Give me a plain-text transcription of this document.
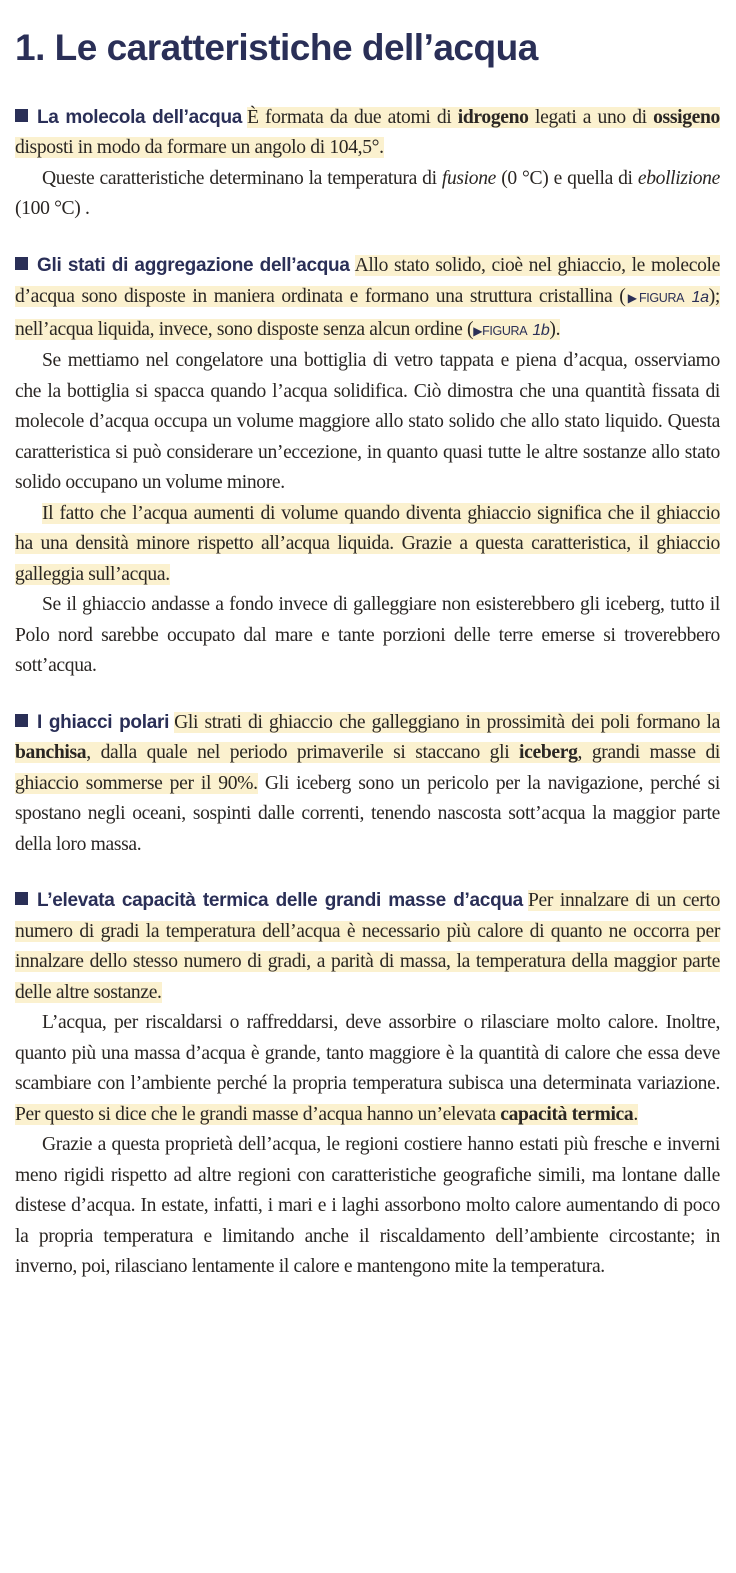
1. Le caratteristiche dell’acqua

La molecola dell’acqua È formata da due atomi di idrogeno legati a uno di ossigeno disposti in modo da formare un angolo di 104,5°.

Queste caratteristiche determinano la temperatura di fusione (0 °C) e quella di ebollizione (100 °C) .

Gli stati di aggregazione dell’acqua Allo stato solido, cioè nel ghiaccio, le molecole d’acqua sono disposte in maniera ordinata e formano una struttura cristallina (▶FIGURA 1a); nell’acqua liquida, invece, sono disposte senza alcun ordine (▶FIGURA 1b).

Se mettiamo nel congelatore una bottiglia di vetro tappata e piena d’acqua, osserviamo che la bottiglia si spacca quando l’acqua solidifica. Ciò dimostra che una quantità fissata di molecole d’acqua occupa un volume maggiore allo stato solido che allo stato liquido. Questa caratteristica si può considerare un’eccezione, in quanto quasi tutte le altre sostanze allo stato solido occupano un volume minore.

Il fatto che l’acqua aumenti di volume quando diventa ghiaccio significa che il ghiaccio ha una densità minore rispetto all’acqua liquida. Grazie a questa caratteristica, il ghiaccio galleggia sull’acqua.

Se il ghiaccio andasse a fondo invece di galleggiare non esisterebbero gli iceberg, tutto il Polo nord sarebbe occupato dal mare e tante porzioni delle terre emerse si troverebbero sott’acqua.

I ghiacci polari Gli strati di ghiaccio che galleggiano in prossimità dei poli formano la banchisa, dalla quale nel periodo primaverile si staccano gli iceberg, grandi masse di ghiaccio sommerse per il 90%. Gli iceberg sono un pericolo per la navigazione, perché si spostano negli oceani, sospinti dalle correnti, tenendo nascosta sott’acqua la maggior parte della loro massa.

L’elevata capacità termica delle grandi masse d’acqua Per innalzare di un certo numero di gradi la temperatura dell’acqua è necessario più calore di quanto ne occorra per innalzare dello stesso numero di gradi, a parità di massa, la temperatura della maggior parte delle altre sostanze.

L’acqua, per riscaldarsi o raffreddarsi, deve assorbire o rilasciare molto calore. Inoltre, quanto più una massa d’acqua è grande, tanto maggiore è la quantità di calore che essa deve scambiare con l’ambiente perché la propria temperatura subisca una determinata variazione. Per questo si dice che le grandi masse d’acqua hanno un’elevata capacità termica.

Grazie a questa proprietà dell’acqua, le regioni costiere hanno estati più fresche e inverni meno rigidi rispetto ad altre regioni con caratteristiche geografiche simili, ma lontane dalle distese d’acqua. In estate, infatti, i mari e i laghi assorbono molto calore aumentando di poco la propria temperatura e limitando anche il riscaldamento dell’ambiente circostante; in inverno, poi, rilasciano lentamente il calore e mantengono mite la temperatura.
